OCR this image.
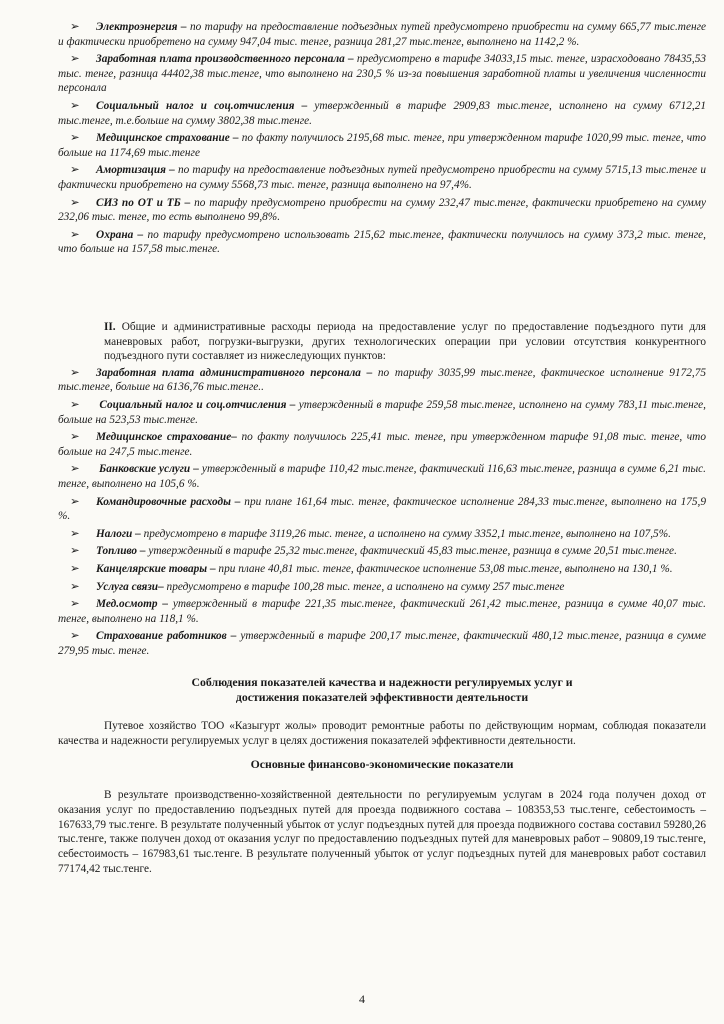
➢ Электроэнергия – по тарифу на предоставление подъездных путей предусмотрено приобрести на сумму 665,77 тыс.тенге и фактически приобретено на сумму 947,04 тыс. тенге, разница 281,27 тыс.тенге, выполнено на 1142,2 %.

➢ Заработная плата производственного персонала – предусмотрено в тарифе 34033,15 тыс. тенге, израсходовано 78435,53 тыс. тенге, разница 44402,38 тыс.тенге, что выполнено на 230,5 % из-за повышения заработной платы и увеличения численности персонала

➢ Социальный налог и соц.отчисления – утвержденный в тарифе 2909,83 тыс.тенге, исполнено на сумму 6712,21 тыс.тенге, т.е.больше на сумму 3802,38 тыс.тенге.

➢ Медицинское страхование – по факту получилось 2195,68 тыс. тенге, при утвержденном тарифе 1020,99 тыс. тенге, что больше на 1174,69 тыс.тенге

➢ Амортизация – по тарифу на предоставление подъездных путей предусмотрено приобрести на сумму 5715,13 тыс.тенге и фактически приобретено на сумму 5568,73 тыс. тенге, разница выполнено на 97,4%.

➢ СИЗ по ОТ и ТБ – по тарифу предусмотрено приобрести на сумму 232,47 тыс.тенге, фактически приобретено на сумму 232,06 тыс. тенге, то есть выполнено 99,8%.

➢ Охрана – по тарифу предусмотрено использовать 215,62 тыс.тенге, фактически получилось на сумму 373,2 тыс. тенге, что больше на 157,58 тыс.тенге.

II. Общие и административные расходы периода на предоставление услуг по предоставление подъездного пути для маневровых работ, погрузки-выгрузки, других технологических операции при условии отсутствия конкурентного подъездного пути составляет из нижеследующих пунктов:

➢ Заработная плата административного персонала – по тарифу 3035,99 тыс.тенге, фактическое исполнение 9172,75 тыс.тенге, больше на 6136,76 тыс.тенге..

➢ Социальный налог и соц.отчисления – утвержденный в тарифе 259,58 тыс.тенге, исполнено на сумму 783,11 тыс.тенге, больше на 523,53 тыс.тенге.

➢ Медицинское страхование– по факту получилось 225,41 тыс. тенге, при утвержденном тарифе 91,08 тыс. тенге, что больше на 247,5 тыс.тенге.

➢ Банковские услуги – утвержденный в тарифе 110,42 тыс.тенге, фактический 116,63 тыс.тенге, разница в сумме 6,21 тыс. тенге, выполнено на 105,6 %.

➢ Командировочные расходы – при плане 161,64 тыс. тенге, фактическое исполнение 284,33 тыс.тенге, выполнено на 175,9 %.

➢ Налоги – предусмотрено в тарифе 3119,26 тыс. тенге, а исполнено на сумму 3352,1 тыс.тенге, выполнено на 107,5%.

➢ Топливо – утвержденный в тарифе 25,32 тыс.тенге, фактический 45,83 тыс.тенге, разница в сумме 20,51 тыс.тенге.

➢ Канцелярские товары – при плане 40,81 тыс. тенге, фактическое исполнение 53,08 тыс.тенге, выполнено на 130,1 %.

➢ Услуга связи– предусмотрено в тарифе 100,28 тыс. тенге, а исполнено на сумму 257 тыс.тенге

➢ Мед.осмотр – утвержденный в тарифе 221,35 тыс.тенге, фактический 261,42 тыс.тенге, разница в сумме 40,07 тыс. тенге, выполнено на 118,1 %.

➢ Страхование работников – утвержденный в тарифе 200,17 тыс.тенге, фактический 480,12 тыс.тенге, разница в сумме 279,95 тыс. тенге.

Соблюдения показателей качества и надежности регулируемых услуг и

достижения показателей эффективности деятельности

Путевое хозяйство ТОО «Казыгурт жолы» проводит ремонтные работы по действующим нормам, соблюдая показатели качества и надежности регулируемых услуг в целях достижения показателей эффективности деятельности.

Основные финансово-экономические показатели

В результате производственно-хозяйственной деятельности по регулируемым услугам в 2024 года получен доход от оказания услуг по предоставлению подъездных путей для проезда подвижного состава – 108353,53 тыс.тенге, себестоимость – 167633,79 тыс.тенге. В результате полученный убыток от услуг подъездных путей для проезда подвижного состава составил 59280,26 тыс.тенге, также получен доход от оказания услуг по предоставлению подъездных путей для маневровых работ – 90809,19 тыс.тенге, себестоимость – 167983,61 тыс.тенге. В результате полученный убыток от услуг подъездных путей для маневровых работ составил 77174,42 тыс.тенге.

4
